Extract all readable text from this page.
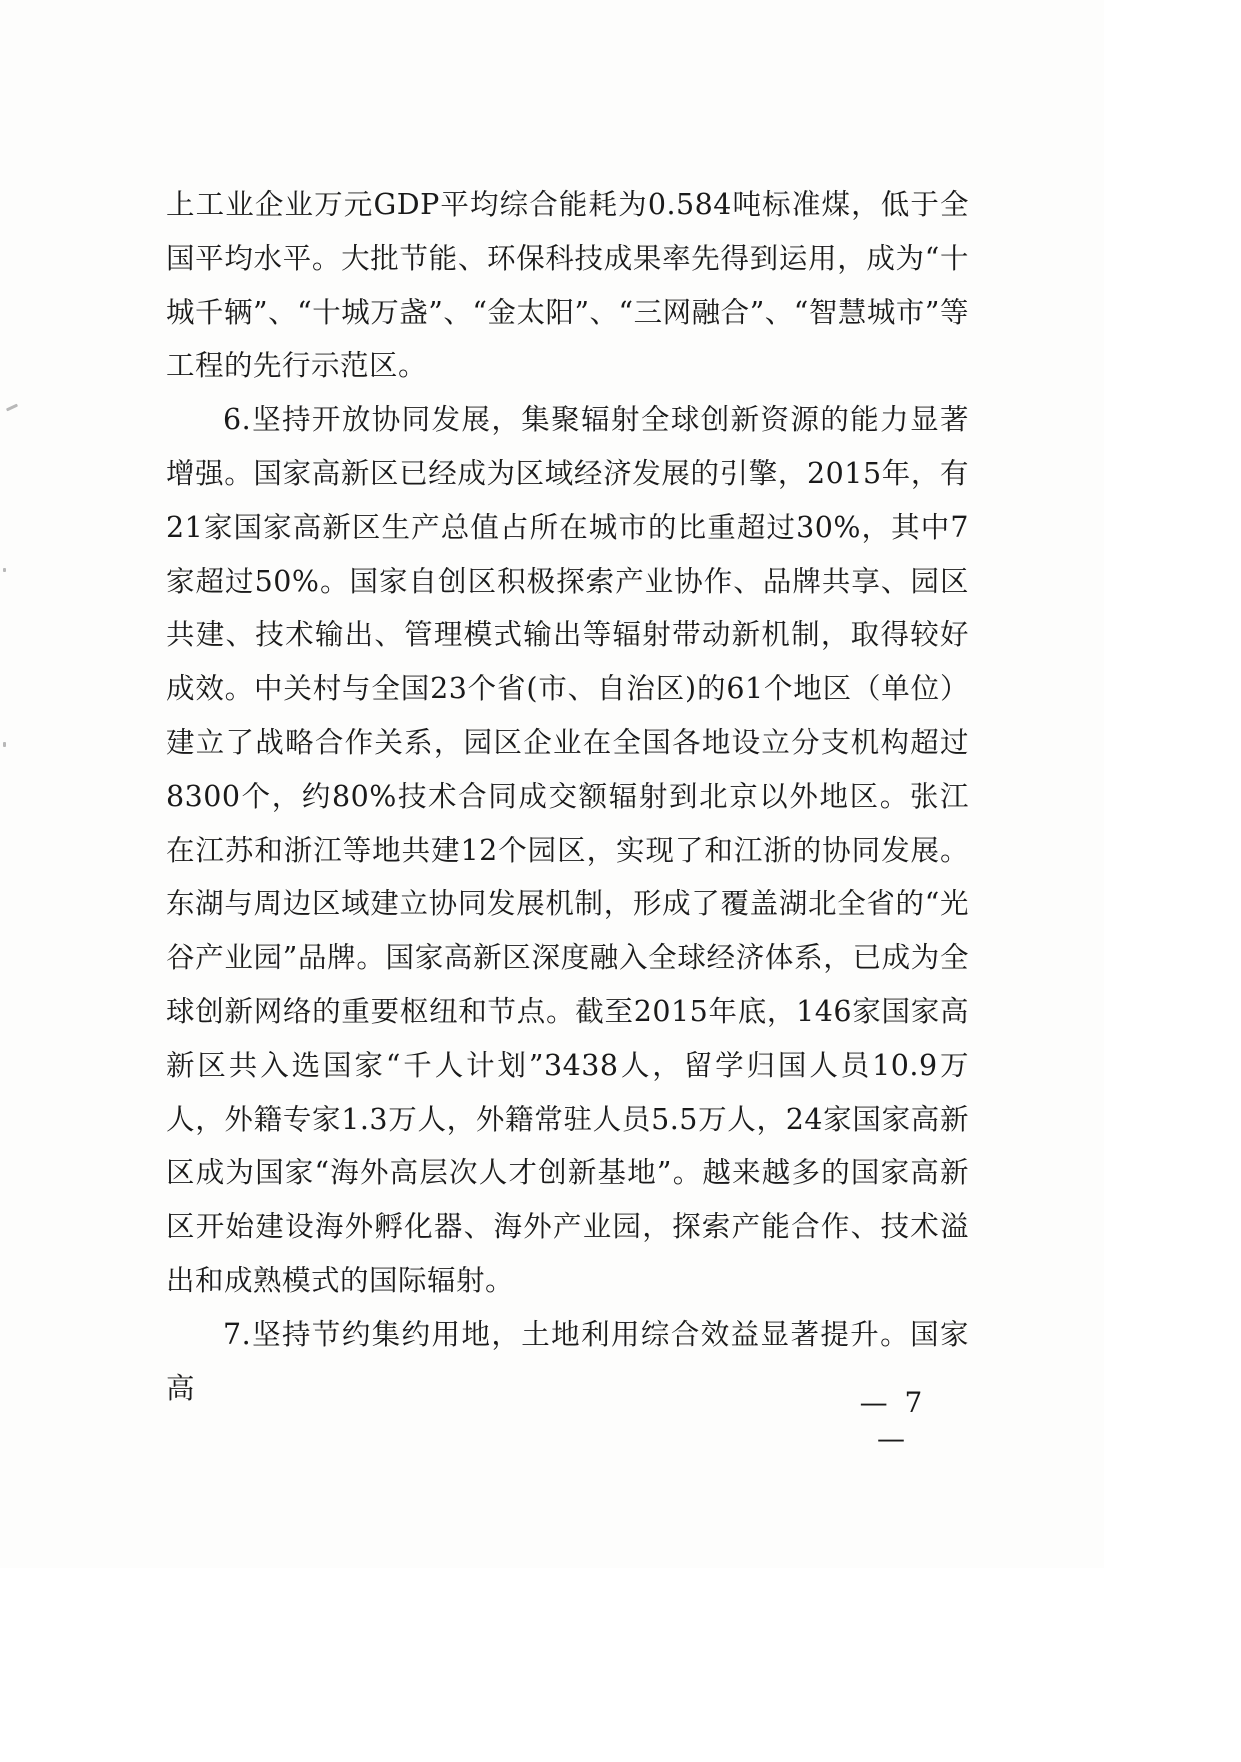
上工业企业万元GDP平均综合能耗为0.584吨标准煤，低于全国平均水平。大批节能、环保科技成果率先得到运用，成为“十城千辆”、“十城万盏”、“金太阳”、“三网融合”、“智慧城市”等工程的先行示范区。

6.坚持开放协同发展，集聚辐射全球创新资源的能力显著增强。国家高新区已经成为区域经济发展的引擎，2015年，有21家国家高新区生产总值占所在城市的比重超过30%，其中7家超过50%。国家自创区积极探索产业协作、品牌共享、园区共建、技术输出、管理模式输出等辐射带动新机制，取得较好成效。中关村与全国23个省(市、自治区)的61个地区（单位）建立了战略合作关系，园区企业在全国各地设立分支机构超过8300个，约80%技术合同成交额辐射到北京以外地区。张江在江苏和浙江等地共建12个园区，实现了和江浙的协同发展。东湖与周边区域建立协同发展机制，形成了覆盖湖北全省的“光谷产业园”品牌。国家高新区深度融入全球经济体系，已成为全球创新网络的重要枢纽和节点。截至2015年底，146家国家高新区共入选国家“千人计划”3438人，留学归国人员10.9万人，外籍专家1.3万人，外籍常驻人员5.5万人，24家国家高新区成为国家“海外高层次人才创新基地”。越来越多的国家高新区开始建设海外孵化器、海外产业园，探索产能合作、技术溢出和成熟模式的国际辐射。

7.坚持节约集约用地，土地利用综合效益显著提升。国家高	— 7 —
